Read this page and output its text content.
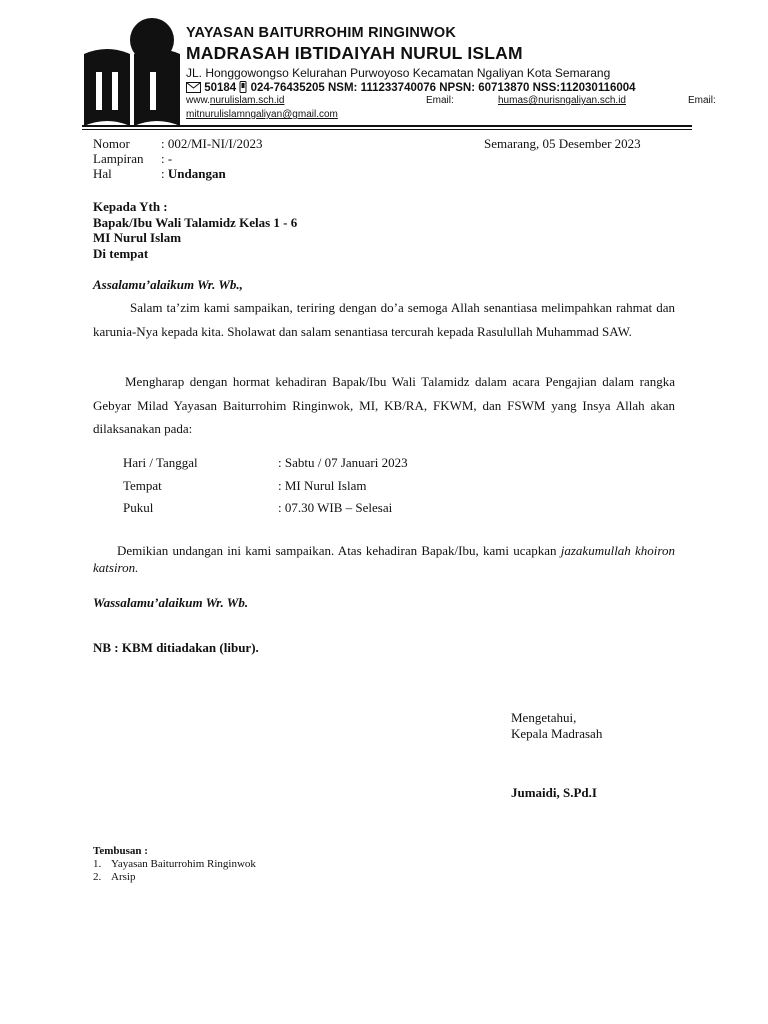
YAYASAN BAITURROHIM RINGINWOK
MADRASAH IBTIDAIYAH NURUL ISLAM
JL. Honggowongso Kelurahan Purwoyoso Kecamatan Ngaliyan Kota Semarang
50184 024-76435205 NSM: 111233740076 NPSN: 60713870 NSS:112030116004
www.nurulislam.sch.id	Email:	humas@nurisngaliyan.sch.id	Email:
mitnurulislamngaliyan@gmail.com
Nomor	: 002/MI-NI/I/2023
Lampiran	: -
Hal	: Undangan
Semarang, 05 Desember 2023
Kepada Yth :
Bapak/Ibu Wali Talamidz Kelas 1 - 6
MI Nurul Islam
Di tempat
Assalamu’alaikum Wr. Wb.,
Salam ta’zim kami sampaikan, teriring dengan do’a semoga Allah senantiasa melimpahkan rahmat dan karunia-Nya kepada kita. Sholawat dan salam senantiasa tercurah kepada Rasulullah Muhammad SAW.
Mengharap dengan hormat kehadiran Bapak/Ibu Wali Talamidz dalam acara Pengajian dalam rangka Gebyar Milad Yayasan Baiturrohim Ringinwok, MI, KB/RA, FKWM, dan FSWM yang Insya Allah akan dilaksanakan pada:
Hari / Tanggal	: Sabtu / 07 Januari 2023
Tempat	: MI Nurul Islam
Pukul	: 07.30 WIB – Selesai
Demikian undangan ini kami sampaikan. Atas kehadiran Bapak/Ibu, kami ucapkan jazakumullah khoiron katsiron.
Wassalamu’alaikum Wr. Wb.
NB : KBM ditiadakan (libur).
Mengetahui,
Kepala Madrasah
Jumaidi, S.Pd.I
Tembusan :
1. Yayasan Baiturrohim Ringinwok
2. Arsip
